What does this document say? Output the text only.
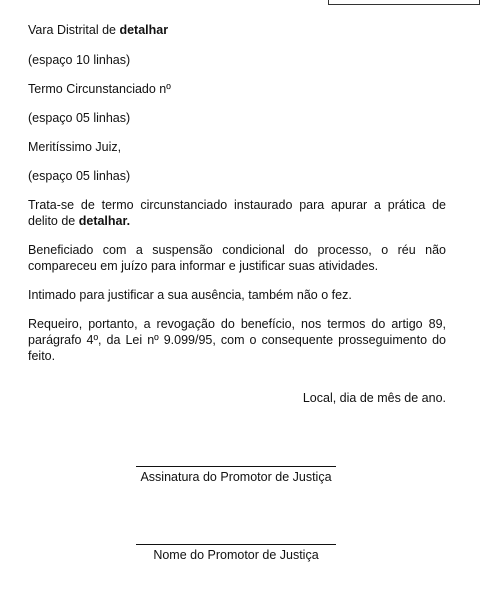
Vara Distrital de detalhar

(espaço 10 linhas)

Termo Circunstanciado nº

(espaço 05 linhas)

Meritíssimo Juiz,

(espaço 05 linhas)

Trata-se de termo circunstanciado instaurado para apurar a prática de delito de detalhar.

Beneficiado com a suspensão condicional do processo, o réu não compareceu em juízo para informar e justificar suas atividades.

Intimado para justificar a sua ausência, também não o fez.

Requeiro, portanto, a revogação do benefício, nos termos do artigo 89, parágrafo 4º, da Lei nº 9.099/95, com o consequente prosseguimento do feito.

Local, dia de mês de ano.

Assinatura do Promotor de Justiça
Nome do Promotor de Justiça
